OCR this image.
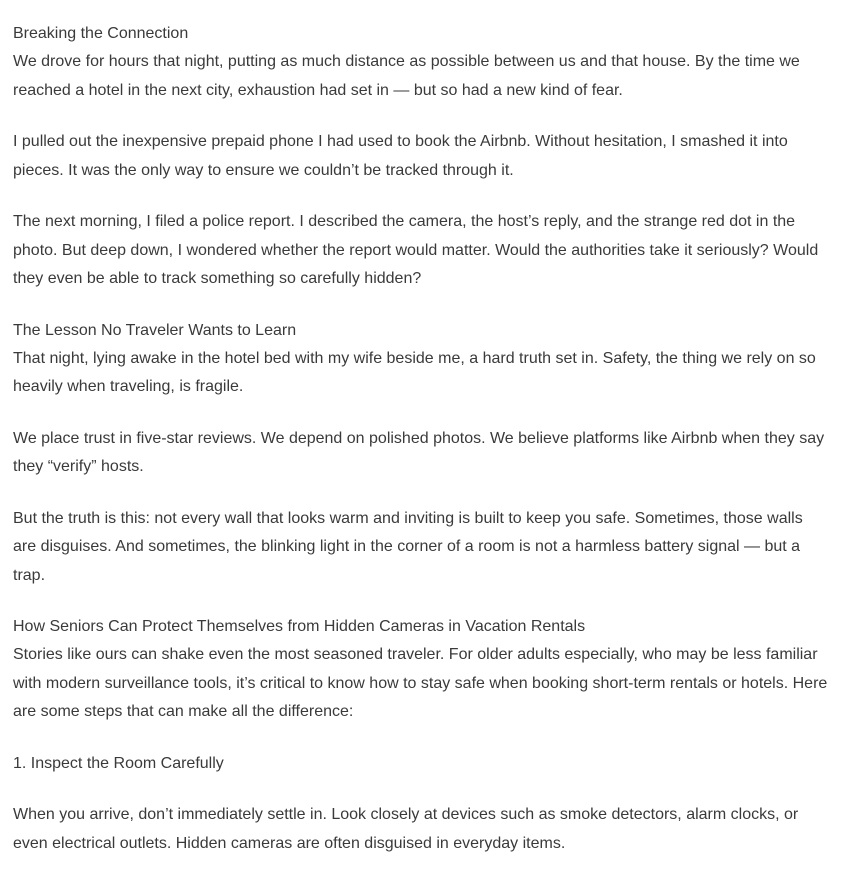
Breaking the Connection

We drove for hours that night, putting as much distance as possible between us and that house. By the time we reached a hotel in the next city, exhaustion had set in — but so had a new kind of fear.

I pulled out the inexpensive prepaid phone I had used to book the Airbnb. Without hesitation, I smashed it into pieces. It was the only way to ensure we couldn’t be tracked through it.

The next morning, I filed a police report. I described the camera, the host’s reply, and the strange red dot in the photo. But deep down, I wondered whether the report would matter. Would the authorities take it seriously? Would they even be able to track something so carefully hidden?

The Lesson No Traveler Wants to Learn

That night, lying awake in the hotel bed with my wife beside me, a hard truth set in. Safety, the thing we rely on so heavily when traveling, is fragile.

We place trust in five-star reviews. We depend on polished photos. We believe platforms like Airbnb when they say they “verify” hosts.

But the truth is this: not every wall that looks warm and inviting is built to keep you safe. Sometimes, those walls are disguises. And sometimes, the blinking light in the corner of a room is not a harmless battery signal — but a trap.

How Seniors Can Protect Themselves from Hidden Cameras in Vacation Rentals

Stories like ours can shake even the most seasoned traveler. For older adults especially, who may be less familiar with modern surveillance tools, it’s critical to know how to stay safe when booking short-term rentals or hotels. Here are some steps that can make all the difference:

1. Inspect the Room Carefully

When you arrive, don’t immediately settle in. Look closely at devices such as smoke detectors, alarm clocks, or even electrical outlets. Hidden cameras are often disguised in everyday items.
